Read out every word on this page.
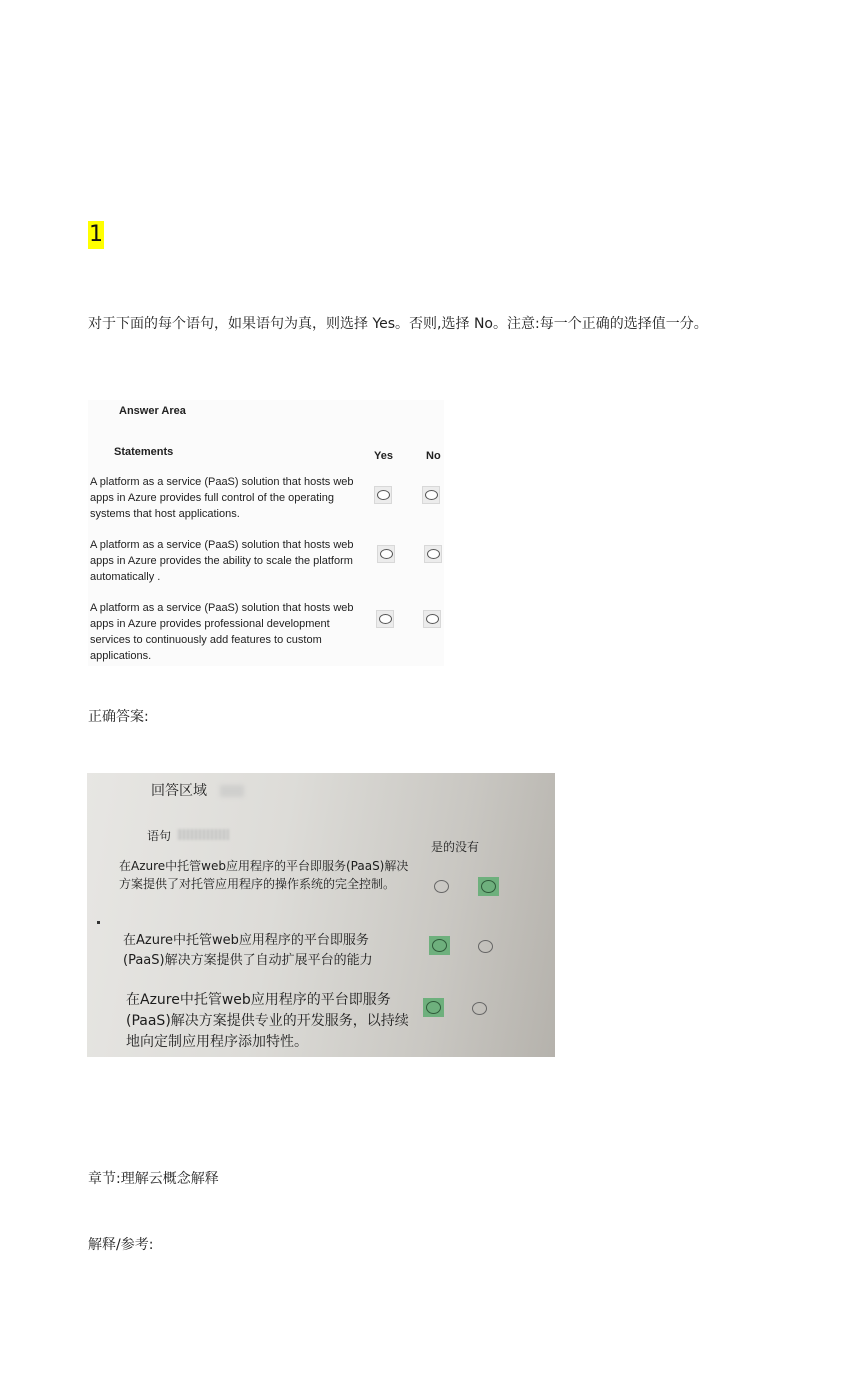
1
对于下面的每个语句，如果语句为真，则选择 Yes。否则,选择 No。注意:每一个正确的选择值一分。
Answer Area
Statements	Yes	No
A platform as a service (PaaS) solution that hosts web apps in Azure provides full control of the operating systems that host applications.
A platform as a service (PaaS) solution that hosts web apps in Azure provides the ability to scale the platform automatically .
A platform as a service (PaaS) solution that hosts web apps in Azure provides professional development services to continuously add features to custom applications.
正确答案:
回答区域
语句
是的没有
在Azure中托管web应用程序的平台即服务(PaaS)解决方案提供了对托管应用程序的操作系统的完全控制。
在Azure中托管web应用程序的平台即服务(PaaS)解决方案提供了自动扩展平台的能力
在Azure中托管web应用程序的平台即服务(PaaS)解决方案提供专业的开发服务，以持续地向定制应用程序添加特性。
章节:理解云概念解释
解释/参考:
